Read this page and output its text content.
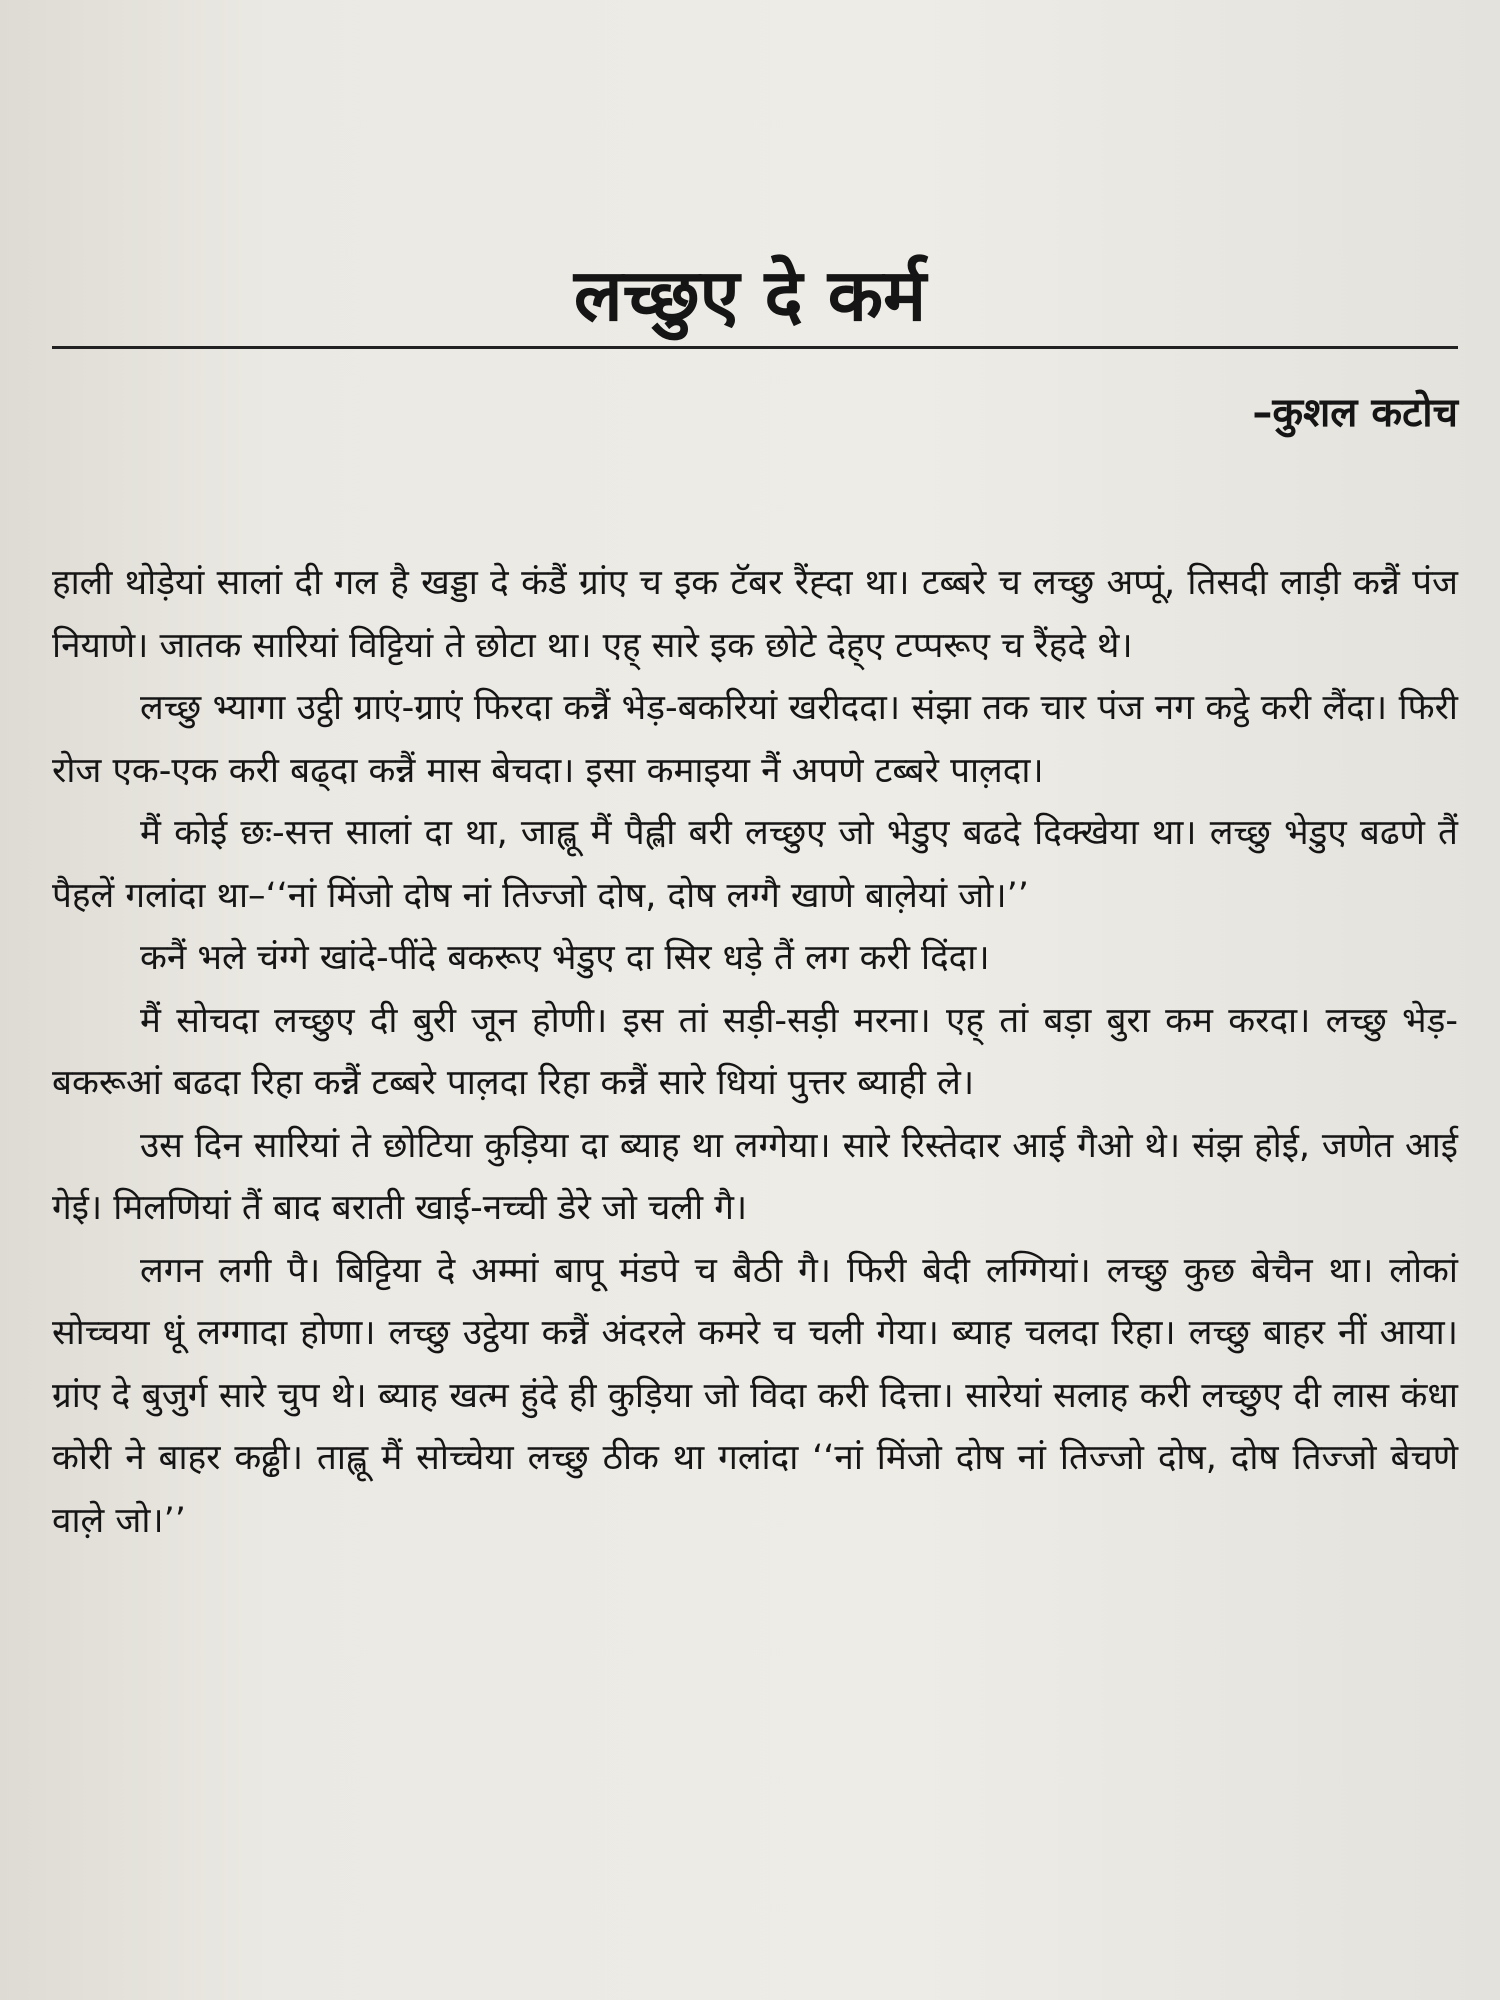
लच्छुए दे कर्म

–कुशल कटोच

हाली थोड़ेयां सालां दी गल है खड्डा दे कंडैं ग्रांए च इक टॅबर रैंह्दा था। टब्बरे च लच्छु अप्पूं, तिसदी लाड़ी कन्नैं पंज नियाणे। जातक सारियां विट्टियां ते छोटा था। एह् सारे इक छोटे देह्ए टप्परूए च रैंहदे थे।

लच्छु भ्यागा उट्ठी ग्राएं-ग्राएं फिरदा कन्नैं भेड़-बकरियां खरीददा। संझा तक चार पंज नग कट्ठे करी लैंदा। फिरी रोज एक-एक करी बढ्दा कन्नैं मास बेचदा। इसा कमाइया नैं अपणे टब्बरे पाल़दा।

मैं कोई छः-सत्त सालां दा था, जाह्लू मैं पैह्ली बरी लच्छुए जो भेडुए बढदे दिक्खेया था। लच्छु भेडुए बढणे तैं पैहलें गलांदा था–‘‘नां मिंजो दोष नां तिज्जो दोष, दोष लग्गै खाणे बाल़ेयां जो।’’

कनैं भले चंग्गे खांदे-पींदे बकरूए भेडुए दा सिर धड़े तैं लग करी दिंदा।

मैं सोचदा लच्छुए दी बुरी जून होणी। इस तां सड़ी-सड़ी मरना। एह् तां बड़ा बुरा कम करदा। लच्छु भेड़-बकरूआं बढदा रिहा कन्नैं टब्बरे पाल़दा रिहा कन्नैं सारे धियां पुत्तर ब्याही ले।

उस दिन सारियां ते छोटिया कुड़िया दा ब्याह था लग्गेया। सारे रिस्तेदार आई गैओ थे। संझ होई, जणेत आई गेई। मिलणियां तैं बाद बराती खाई-नच्ची डेरे जो चली गै।

लगन लगी पै। बिट्टिया दे अम्मां बापू मंडपे च बैठी गै। फिरी बेदी लग्गियां। लच्छु कुछ बेचैन था। लोकां सोच्चया धूं लग्गादा होणा। लच्छु उट्ठेया कन्नैं अंदरले कमरे च चली गेया। ब्याह चलदा रिहा। लच्छु बाहर नीं आया। ग्रांए दे बुजुर्ग सारे चुप थे। ब्याह खत्म हुंदे ही कुड़िया जो विदा करी दित्ता। सारेयां सलाह करी लच्छुए दी लास कंधा कोरी ने बाहर कढ्ढी। ताह्लू मैं सोच्चेया लच्छु ठीक था गलांदा ‘‘नां मिंजो दोष नां तिज्जो दोष, दोष तिज्जो बेचणे वाल़े जो।’’
